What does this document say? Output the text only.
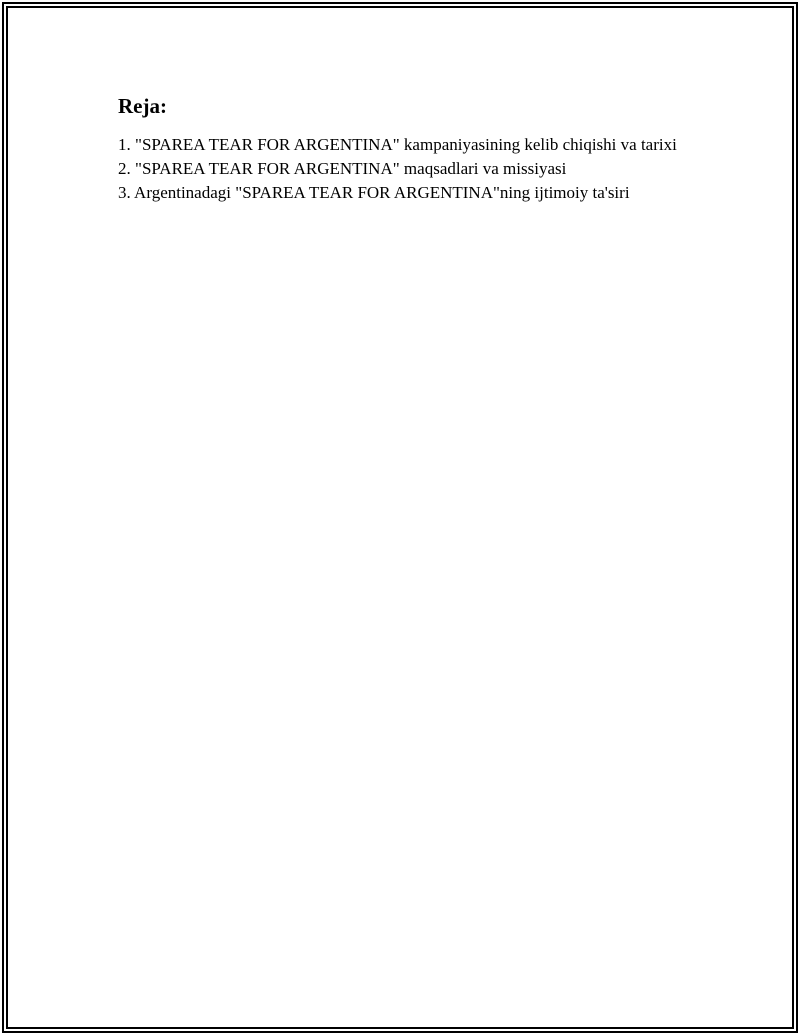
Reja:
1. "SPAREA TEAR FOR ARGENTINA" kampaniyasining kelib chiqishi va tarixi
2. "SPAREA TEAR FOR ARGENTINA" maqsadlari va missiyasi
3. Argentinadagi "SPAREA TEAR FOR ARGENTINA"ning ijtimoiy ta'siri
